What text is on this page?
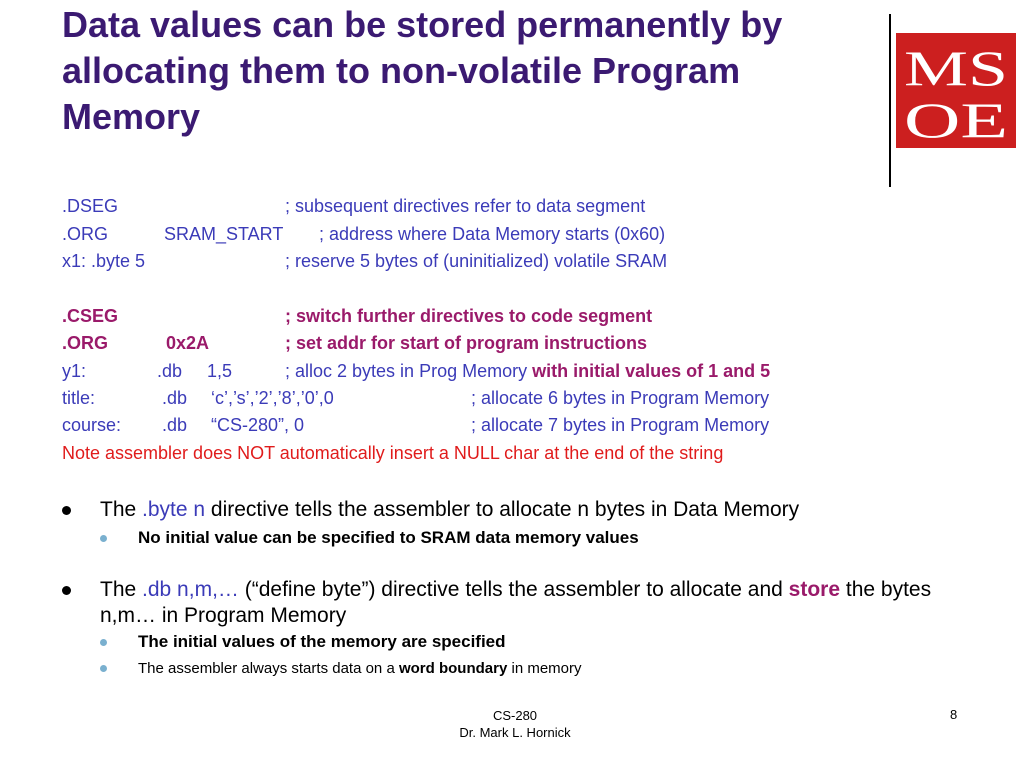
Data values can be stored permanently by allocating them to non-volatile Program Memory
MS
OE
.DSEG	; subsequent directives refer to data segment
.ORG	SRAM_START ; address where Data Memory starts (0x60)
x1: .byte 5	; reserve 5 bytes of (uninitialized) volatile SRAM
.CSEG	; switch further directives to code segment
.ORG	0x2A	; set addr for start of program instructions
y1:	.db 1,5	; alloc 2 bytes in Prog Memory with initial values of 1 and 5
title:	.db ‘c’,’s’,’2’,’8’,’0’,0	; allocate 6 bytes in Program Memory
course: .db “CS-280”, 0	; allocate 7 bytes in Program Memory
Note assembler does NOT automatically insert a NULL char at the end of the string
The .byte n directive tells the assembler to allocate n bytes in Data Memory
No initial value can be specified to SRAM data memory values
The .db n,m,… (“define byte”) directive tells the assembler to allocate and store the bytes n,m… in Program Memory
The initial values of the memory are specified
The assembler always starts data on a word boundary in memory
CS-280
Dr. Mark L. Hornick
8
